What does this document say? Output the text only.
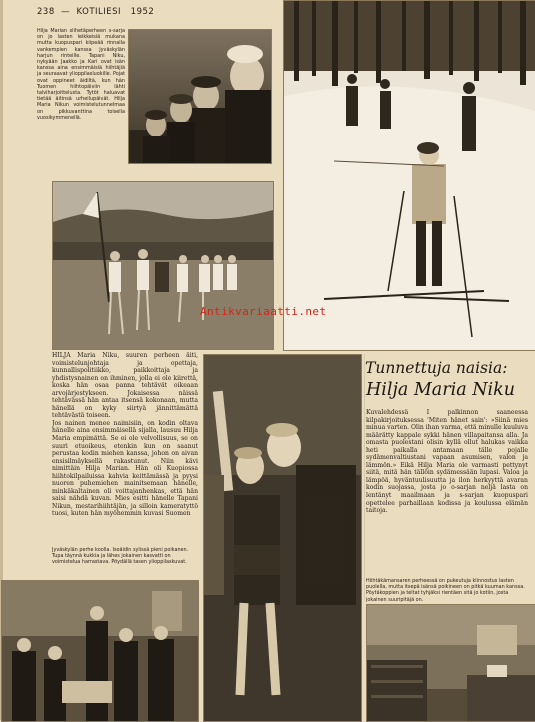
238  —  KOTILIESI 1952
Hilja Marian siihetäperheen s-sarja on jo lasten leikkeisiä mukana mutta kuopuspari kiipeää rinnalla vankempien kanssa Jyväskylän harjun rinteille. Tapani Niku, nykyään Jaakko ja Kari ovat isän kanssa aina ensimmäisiä hiihtäjiä ja seuraavat ylioppilasluokille. Pojat ovat oppineet äidiltä, kun hän Tuomen hiihtopäiviin lähti talviharjoittelusta. Tytöt haluavat tietää äitinsä urheilupäivät. Hilja Maria Nikun voimistelutunnelmaa on pikkuvanttina toisella vuosikymmenellä.
Antikvariaatti.net
HILJA Maria Niku, suuren perheen äiti, voimistelunjohtaja ja opettaja, kunnallispolitiikko, paikkoittaja ja yhdistysnainen on ihminen, jolla ei ole kiirettä, koska hän osaa panna tehtävät oikeaan arvojärjestykseen. Jokaisessa näissä tehtävässä hän antaa itsensä kokonaan, mutta hänellä on kyky siirtyä jännittämättä tehtävästä toiseen.
Jos nainen menee naimisiin, on kodin oltava hänelle aina ensimmäisellä sijalla, lausuu Hilja Maria empimättä. Se ei ole velvollisuus, se on suuri etuoikeus, etenkin kun on saanut perustaa kodin miehen kanssa, johon on aivan ensisilmäyksellä rakastunut. Niin kävi nimittäin Hilja Marian. Hän oli Kuopiossa hiihtokilpailuissa kahvia keittämässä ja pyysi nuoren puhemiehen mainitsemaan hänelle, minkäkaltainen oli voittajanhenkas, että hän saisi nähdä kuvan. Mies esitti hänelle Tapani Nikun, mestarihiihtäjän, ja silloin kameratyttö tuosi, kuten hän myöhemmin kuvasi Suomen
Jyväskylän perhe koolla. Isoäidin sylissä pieni poikanen. Tupa täynnä kukkia ja lähes jokainen kasvatti on voimistelua harrastava. Pöydällä tasen ylioppilaskuvat.
Tunnettuja naisia:
Hilja Maria Niku
Kuvalehdessä I palkinnon saaneessa kilpakirjoituksessa 'Miten hänet sain': »Siinä mies minua varten. Olin ihan varma, että minulle kuuluva määrätty kappale sykki hänen villapaitansa alla. Ja omasta puolestani olisin kyllä ollut halukas vaikka heti paikalla antamaan tälle pojalle sydämenvaltiustani vapaan asumisen, valon ja lämmön.» Eikä Hilja Maria ole varmasti pettynyt siitä, mitä hän tällöin sydämessään lupasi. Valoa ja lämpöä, hyväntuulisuutta ja ilon herkyyttä avaran kodin suojassa, josta jo o-sarjan neljä lasta on lentänyt maailmaan ja s-sarjan kuopuspari opettelee parhaillaan kodissa ja koulussa elämän taitoja.
Hiihtäkämansaren perheessä on pukeutuja kiinnostus lasten puolella, mutta itsepä isänsä poikineen on pitkä kuuman kanssa. Pöytäkoppien ja teltat tyhjäksi rientäen sitä jo kotiin, josta jokainen suuripitäjä on.
